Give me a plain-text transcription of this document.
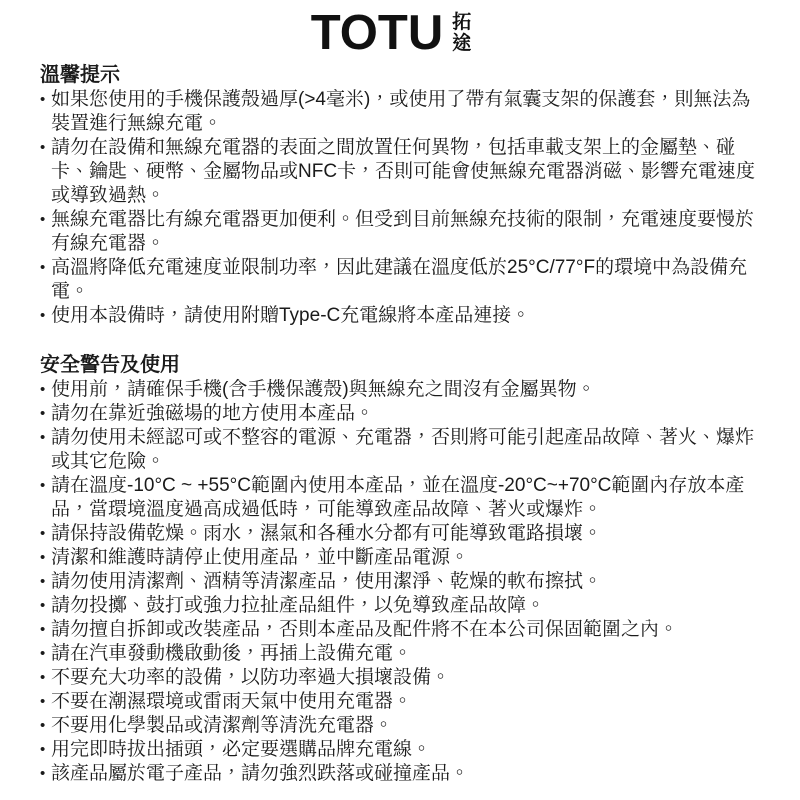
TOTU 拓
途
溫馨提示
• 如果您使用的手機保護殼過厚(>4毫米)，或使用了帶有氣囊支架的保護套，則無法為裝置進行無線充電。
• 請勿在設備和無線充電器的表面之間放置任何異物，包括車載支架上的金屬墊、碰卡、鑰匙、硬幣、金屬物品或NFC卡，否則可能會使無線充電器消磁、影響充電速度或導致過熱。
• 無線充電器比有線充電器更加便利。但受到目前無線充技術的限制，充電速度要慢於有線充電器。
• 高溫將降低充電速度並限制功率，因此建議在溫度低於25°C/77°F的環境中為設備充電。
• 使用本設備時，請使用附贈Type-C充電線將本產品連接。
安全警告及使用
• 使用前，請確保手機(含手機保護殼)與無線充之間沒有金屬異物。
• 請勿在靠近強磁場的地方使用本產品。
• 請勿使用未經認可或不整容的電源、充電器，否則將可能引起產品故障、著火、爆炸或其它危險。
• 請在溫度-10°C ~ +55°C範圍內使用本產品，並在溫度-20°C~+70°C範圍內存放本產品，當環境溫度過高成過低時，可能導致產品故障、著火或爆炸。
• 請保持設備乾燥。雨水，濕氣和各種水分都有可能導致電路損壞。
• 清潔和維護時請停止使用產品，並中斷產品電源。
• 請勿使用清潔劑、酒精等清潔產品，使用潔淨、乾燥的軟布擦拭。
• 請勿投擲、鼓打或強力拉扯產品組件，以免導致產品故障。
• 請勿擅自拆卸或改裝產品，否則本產品及配件將不在本公司保固範圍之內。
• 請在汽車發動機啟動後，再插上設備充電。
• 不要充大功率的設備，以防功率過大損壞設備。
• 不要在潮濕環境或雷雨天氣中使用充電器。
• 不要用化學製品或清潔劑等清洗充電器。
• 用完即時拔出插頭，必定要選購品牌充電線。
• 該產品屬於電子產品，請勿強烈跌落或碰撞產品。
